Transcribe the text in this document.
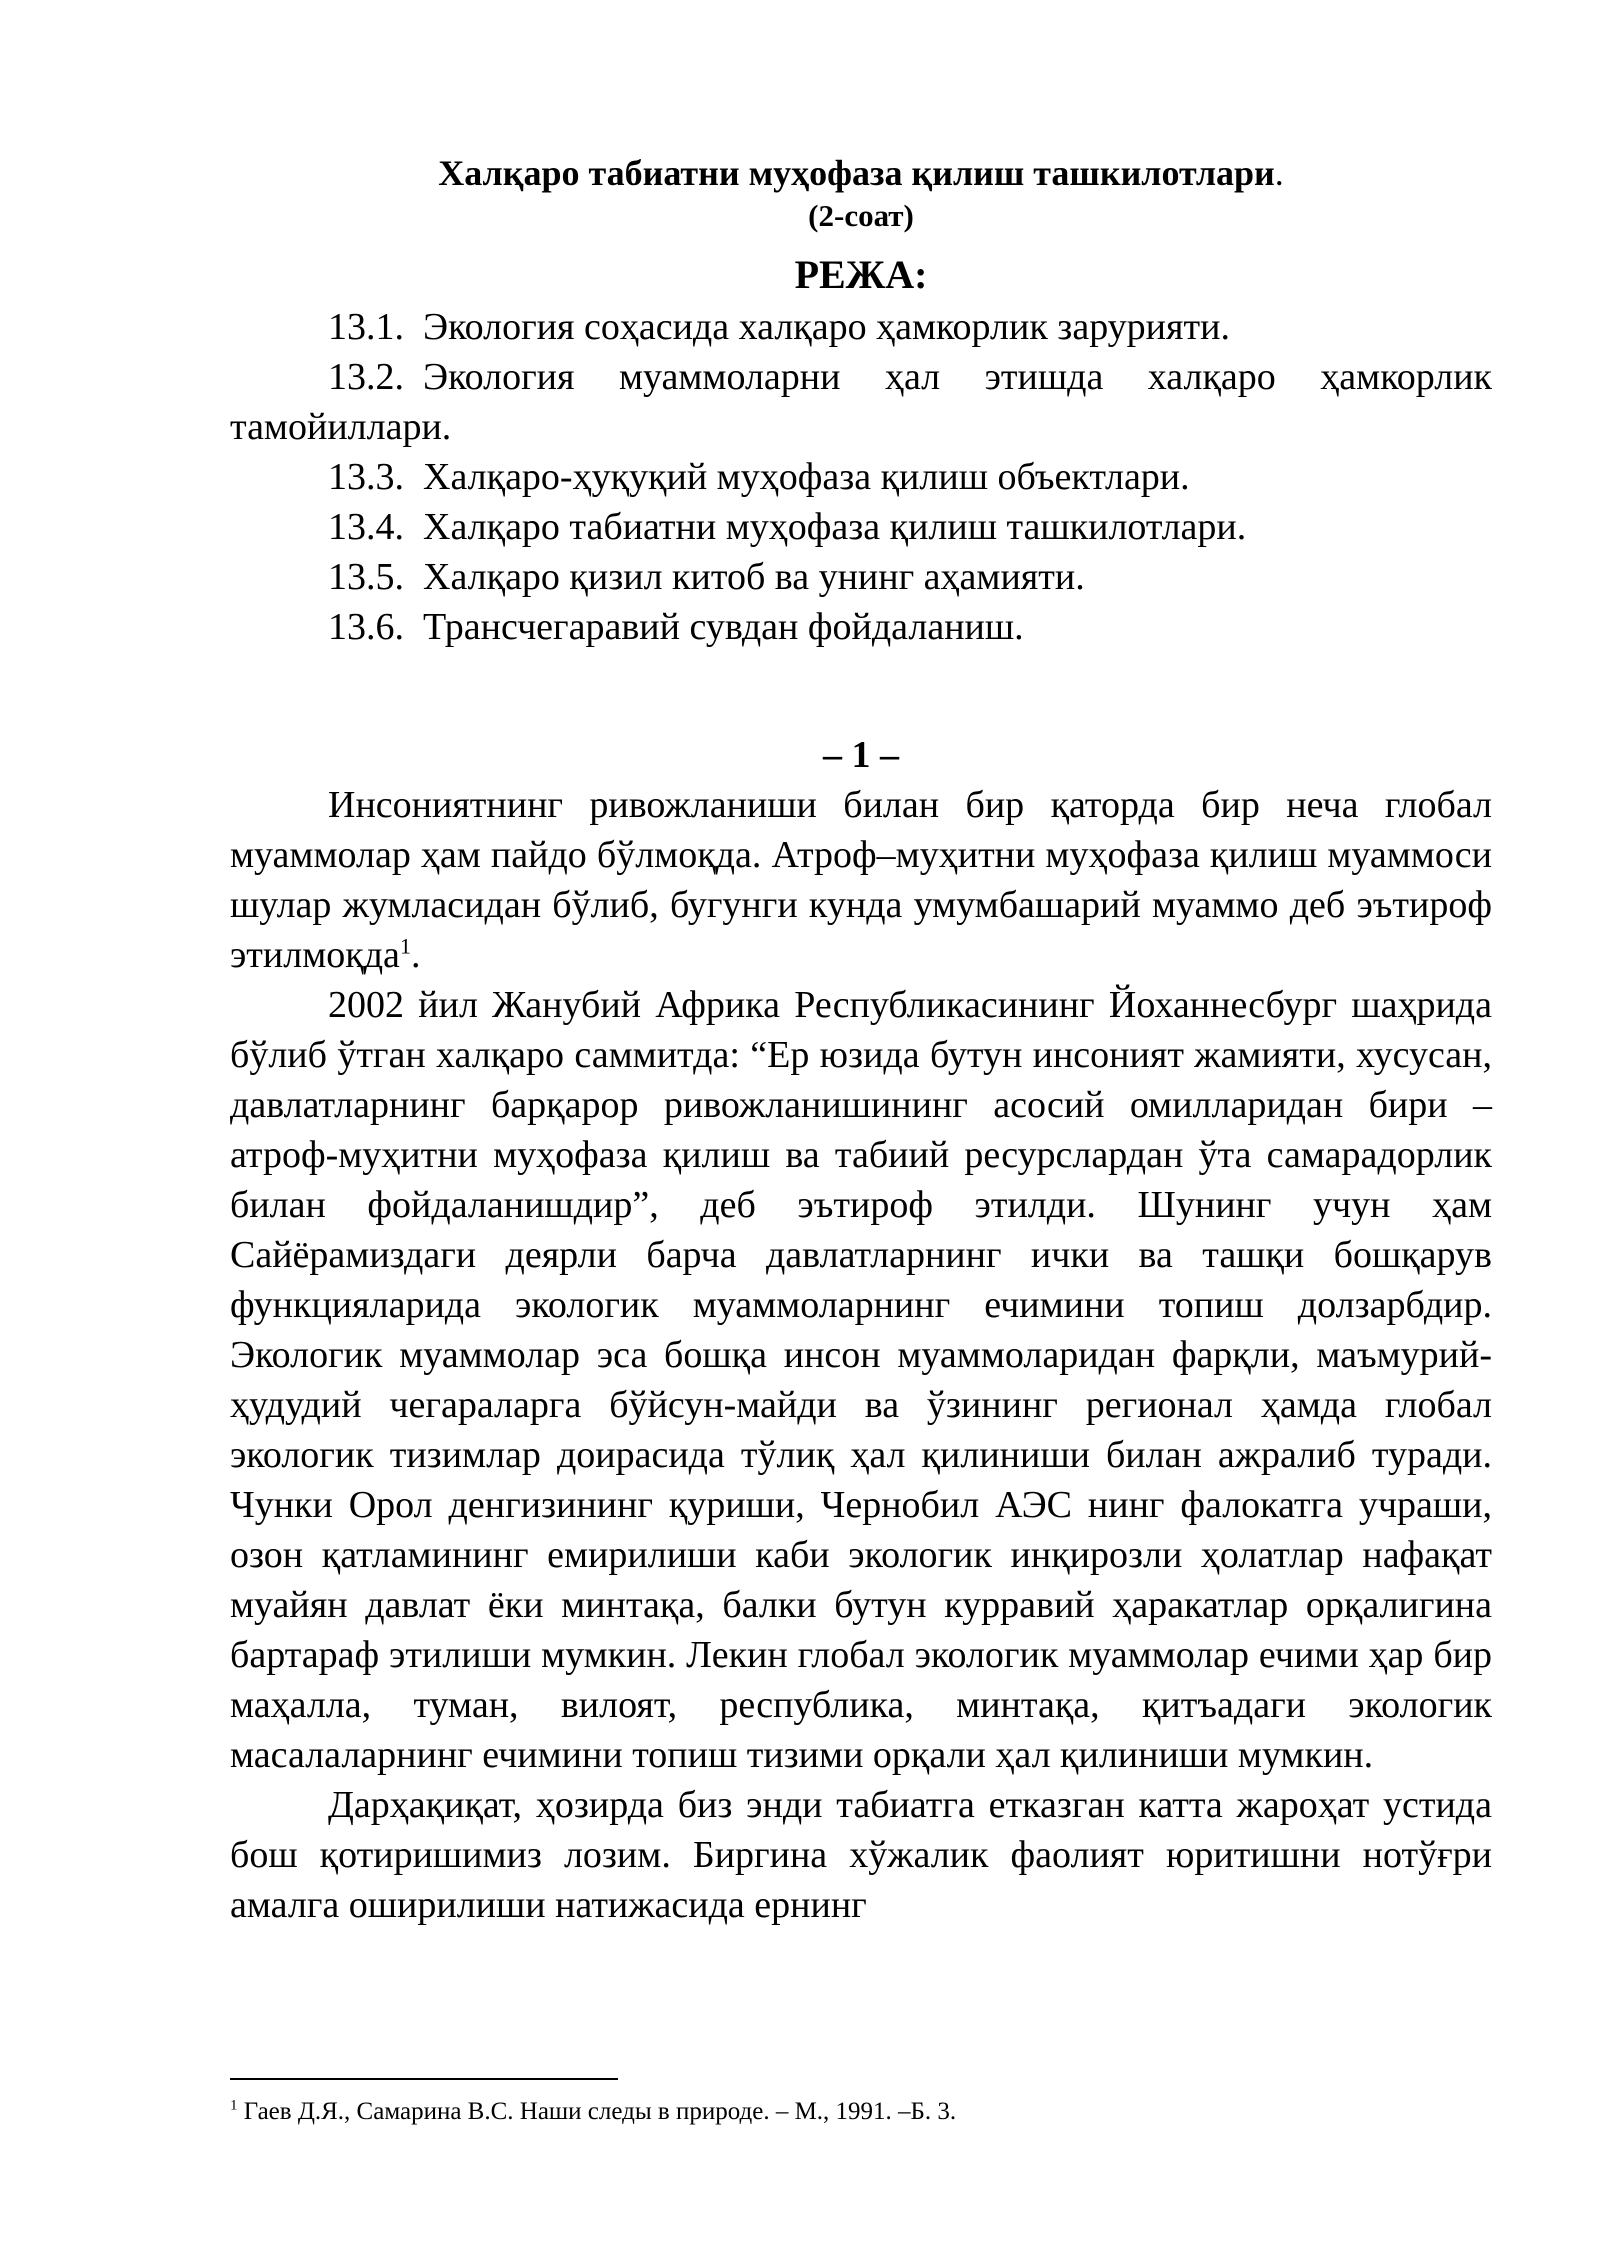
Халқаро табиатни муҳофаза қилиш ташкилотлари.

(2-соат)

РЕЖА:

13.1. Экология соҳасида халқаро ҳамкорлик зарурияти.
13.2. Экология муаммоларни ҳал этишда халқаро ҳамкорлик тамойиллари.
13.3. Халқаро-ҳуқуқий муҳофаза қилиш объектлари.
13.4. Халқаро табиатни муҳофаза қилиш ташкилотлари.
13.5. Халқаро қизил китоб ва унинг аҳамияти.
13.6. Трансчегаравий сувдан фойдаланиш.

– 1 –

Инсониятнинг ривожланиши билан бир қаторда бир неча глобал муаммолар ҳам пайдо бўлмоқда. Атроф–муҳитни муҳофаза қилиш муаммоси шулар жумласидан бўлиб, бугунги кунда умумбашарий муаммо деб эътироф этилмоқда$^1$.

2002 йил Жанубий Африка Республикасининг Йоханнесбург шаҳрида бўлиб ўтган халқаро саммитда: “Ер юзида бутун инсоният жамияти, хусусан, давлатларнинг барқарор ривожланишининг асосий омилларидан бири – атроф-муҳитни муҳофаза қилиш ва табиий ресурслардан ўта самарадорлик билан фойдаланишдир”, деб эътироф этилди. Шунинг учун ҳам Сайёрамиздаги деярли барча давлатларнинг ички ва ташқи бошқарув функцияларида экологик муаммоларнинг ечимини топиш долзарбдир. Экологик муаммолар эса бошқа инсон муаммоларидан фарқли, маъмурий-ҳудудий чегараларга бўйсун-майди ва ўзининг регионал ҳамда глобал экологик тизимлар доирасида тўлиқ ҳал қилиниши билан ажралиб туради. Чунки Орол денгизининг қуриши, Чернобил АЭС нинг фалокатга учраши, озон қатламининг емирилиши каби экологик инқирозли ҳолатлар нафақат муайян давлат ёки минтақа, балки бутун курравий ҳаракатлар орқалигина бартараф этилиши мумкин. Лекин глобал экологик муаммолар ечими ҳар бир маҳалла, туман, вилоят, республика, минтақа, қитъадаги экологик масалаларнинг ечимини топиш тизими орқали ҳал қилиниши мумкин.

Дарҳақиқат, ҳозирда биз энди табиатга етказган катта жароҳат устида бош қотиришимиз лозим. Биргина хўжалик фаолият юритишни нотўғри амалга оширилиши натижасида ернинг

$^1$ Гаев Д.Я., Самарина В.С. Наши следы в природе. – М., 1991. –Б. 3.
